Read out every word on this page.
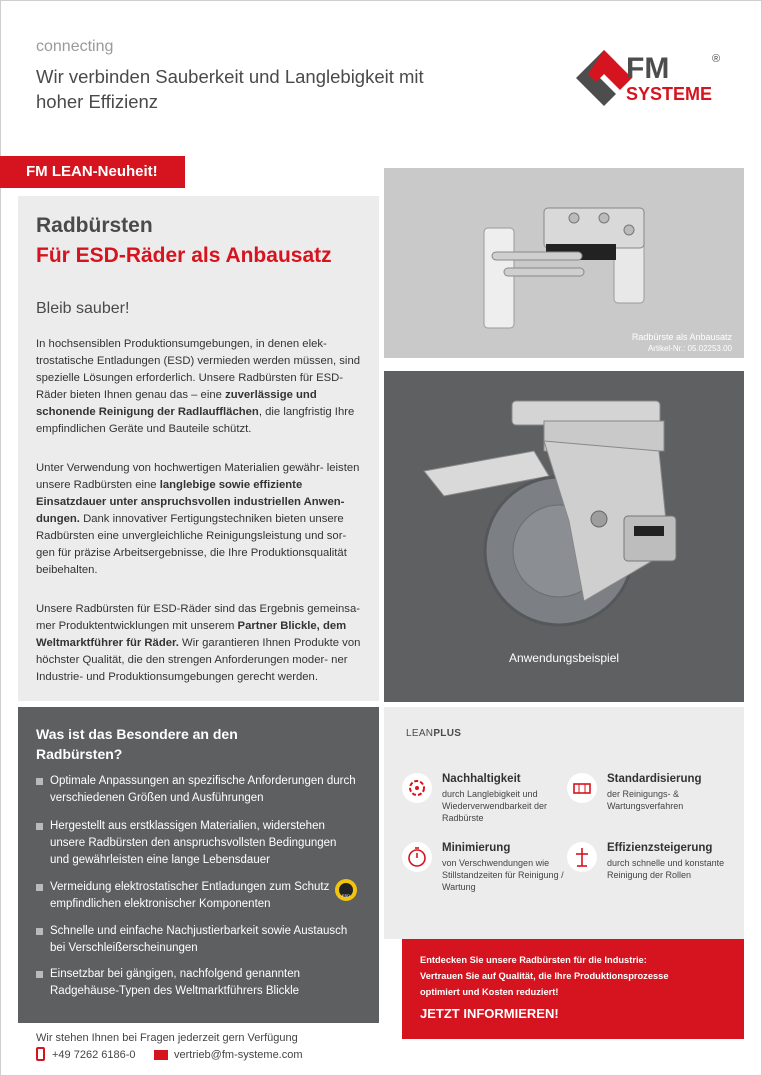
connecting
Wir verbinden Sauberkeit und Langlebigkeit mit hoher Effizienz
FM
SYSTEME
®
FM LEAN-Neuheit!
Radbürsten
Für ESD-Räder als Anbausatz
Bleib sauber!

In hochsensiblen Produktionsumgebungen, in denen elek- trostatische Entladungen (ESD) vermieden werden müssen, sind spezielle Lösungen erforderlich. Unsere Radbürsten für ESD-Räder bieten Ihnen genau das – eine zuverlässige und schonende Reinigung der Radlaufflächen, die langfristig Ihre empfindlichen Geräte und Bauteile schützt.

Unter Verwendung von hochwertigen Materialien gewähr- leisten unsere Radbürsten eine langlebige sowie effiziente Einsatzdauer unter anspruchsvollen industriellen Anwen- dungen. Dank innovativer Fertigungstechniken bieten unsere Radbürsten eine unvergleichliche Reinigungsleistung und sor- gen für präzise Arbeitsergebnisse, die Ihre Produktionsqualität beibehalten.

Unsere Radbürsten für ESD-Räder sind das Ergebnis gemeinsa- mer Produktentwicklungen mit unserem Partner Blickle, dem Weltmarktführer für Räder. Wir garantieren Ihnen Produkte von höchster Qualität, die den strengen Anforderungen moder- ner Industrie- und Produktionsumgebungen gerecht werden.

Radbürste als Anbausatz
Artikel-Nr.: 05.02253.00
Anwendungsbeispiel
Was ist das Besondere an den Radbürsten?
Optimale Anpassungen an spezifische Anforderungen durch verschiedenen Größen und Ausführungen
Hergestellt aus erstklassigen Materialien, widerstehen unsere Radbürsten den anspruchsvollsten Bedingungen und gewährleisten eine lange Lebensdauer
Vermeidung elektrostatischer Entladungen zum Schutz empfindlichen elektronischer Komponenten
Schnelle und einfache Nachjustierbarkeit sowie Austausch bei Verschleißerscheinungen
Einsetzbar bei gängigen, nachfolgend genannten Radgehäuse-Typen des Weltmarktführers Blickle
ESD
LEANPLUS
Nachhaltigkeit
durch Langlebigkeit und Wiederverwendbarkeit der Radbürste
Standardisierung
der Reinigungs- & Wartungsverfahren
Minimierung
von Verschwendungen wie Stillstandzeiten für Reinigung / Wartung
Effizienzsteigerung
durch schnelle und konstante Reinigung der Rollen
Entdecken Sie unsere Radbürsten für die Industrie:
Vertrauen Sie auf Qualität, die Ihre Produktionsprozesse
optimiert und Kosten reduziert!
JETZT INFORMIEREN!
Wir stehen Ihnen bei Fragen jederzeit gern Verfügung
+49 7262 6186-0	vertrieb@fm-systeme.com
